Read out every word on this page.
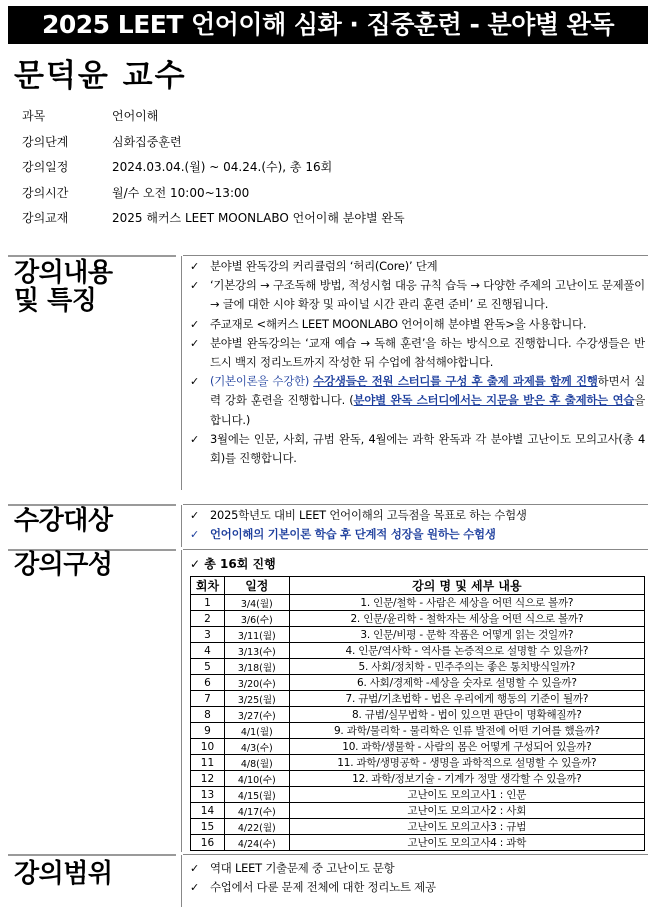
2025 LEET 언어이해 심화 · 집중훈련 - 분야별 완독
문덕윤 교수
과목	언어이해
강의단계	심화집중훈련
강의일정	2024.03.04.(월) ~ 04.24.(수), 총 16회
강의시간	월/수 오전 10:00~13:00
강의교재	2025 해커스 LEET MOONLABO 언어이해 분야별 완독
강의내용
및 특징
✓ 분야별 완독강의 커리큘럼의 ‘허리(Core)’ 단계
✓ ‘기본강의 → 구조독해 방법, 적성시험 대응 규칙 습득 → 다양한 주제의 고난이도 문제풀이 → 글에 대한 시야 확장 및 파이널 시간 관리 훈련 준비’ 로 진행됩니다.
✓ 주교재로 <해커스 LEET MOONLABO 언어이해 분야별 완독>을 사용합니다.
✓ 분야별 완독강의는 ‘교재 예습 → 독해 훈련’을 하는 방식으로 진행합니다. 수강생들은 반드시 백지 정리노트까지 작성한 뒤 수업에 참석해야합니다.
✓ (기본이론을 수강한) 수강생들은 전원 스터디를 구성 후 출제 과제를 함께 진행하면서 실력 강화 훈련을 진행합니다. (분야별 완독 스터디에서는 지문을 받은 후 출제하는 연습을 합니다.)
✓ 3월에는 인문, 사회, 규범 완독, 4월에는 과학 완독과 각 분야별 고난이도 모의고사(총 4회)를 진행합니다.
수강대상	✓ 2025학년도 대비 LEET 언어이해의 고득점을 목표로 하는 수험생
✓ 언어이해의 기본이론 학습 후 단계적 성장을 원하는 수험생
강의구성	✓ 총 16회 진행
회차	일정	강의 명 및 세부 내용
1	3/4(월)	1. 인문/철학 - 사람은 세상을 어떤 식으로 볼까?
2	3/6(수)	2. 인문/윤리학 - 철학자는 세상을 어떤 식으로 볼까?
3	3/11(월)	3. 인문/비평 - 문학 작품은 어떻게 읽는 것일까?
4	3/13(수)	4. 인문/역사학 - 역사를 논증적으로 설명할 수 있을까?
5	3/18(월)	5. 사회/정치학 - 민주주의는 좋은 통치방식일까?
6	3/20(수)	6. 사회/경제학 -세상을 숫자로 설명할 수 있을까?
7	3/25(월)	7. 규범/기초법학 - 법은 우리에게 행동의 기준이 될까?
8	3/27(수)	8. 규범/실무법학 - 법이 있으면 판단이 명확해질까?
9	4/1(월)	9. 과학/물리학 - 물리학은 인류 발전에 어떤 기여를 했을까?
10	4/3(수)	10. 과학/생물학 - 사람의 몸은 어떻게 구성되어 있을까?
11	4/8(월)	11. 과학/생명공학 - 생명을 과학적으로 설명할 수 있을까?
12	4/10(수)	12. 과학/정보기술 - 기계가 정말 생각할 수 있을까?
13	4/15(월)	고난이도 모의고사1 : 인문
14	4/17(수)	고난이도 모의고사2 : 사회
15	4/22(월)	고난이도 모의고사3 : 규범
16	4/24(수)	고난이도 모의고사4 : 과학
강의범위	✓ 역대 LEET 기출문제 중 고난이도 문항
✓ 수업에서 다룬 문제 전체에 대한 정리노트 제공
